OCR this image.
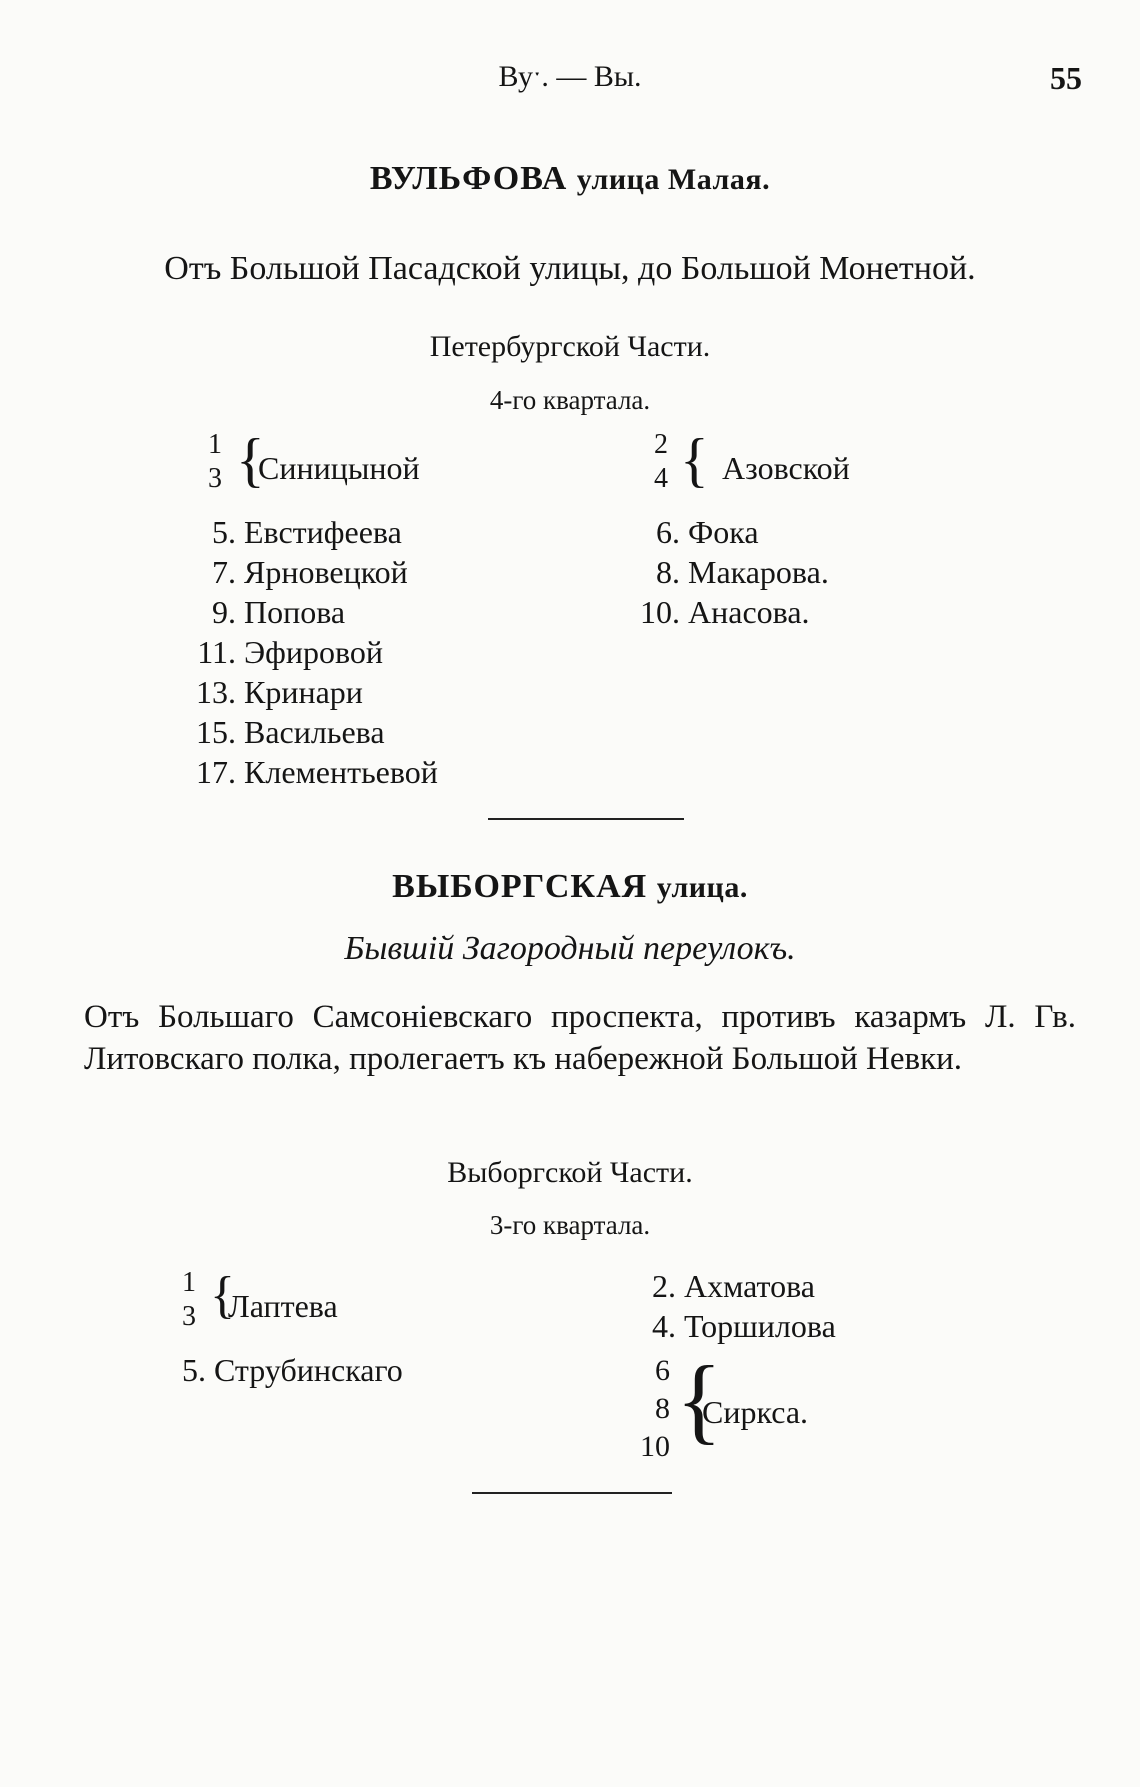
Вуˑ. — Вы.	55
ВУЛЬФОВА улица Малая.
Отъ Большой Пасадской улицы, до Большой Монетной.
Петербургской Части.
4-го квартала.
1
3 {
Синицыной
2
4 { Азовской
5. Евстифеева
7. Ярновецкой
9. Попова
11. Эфировой
13. Кринари
15. Васильева
17. Клементьевой
6. Фока
8. Макарова.
10. Анасова.
ВЫБОРГСКАЯ улица.
Бывшій Загородный переулокъ.
Отъ Большаго Самсоніевскаго проспекта, противъ казармъ Л. Гв. Литовскаго полка, пролегаетъ къ набережной Большой Невки.
Выборгской Части.
3-го квартала.
1
3 {
Лаптева
5. Струбинскаго
2. Ахматова
4. Торшилова
6
8
10 {
Сиркса.
